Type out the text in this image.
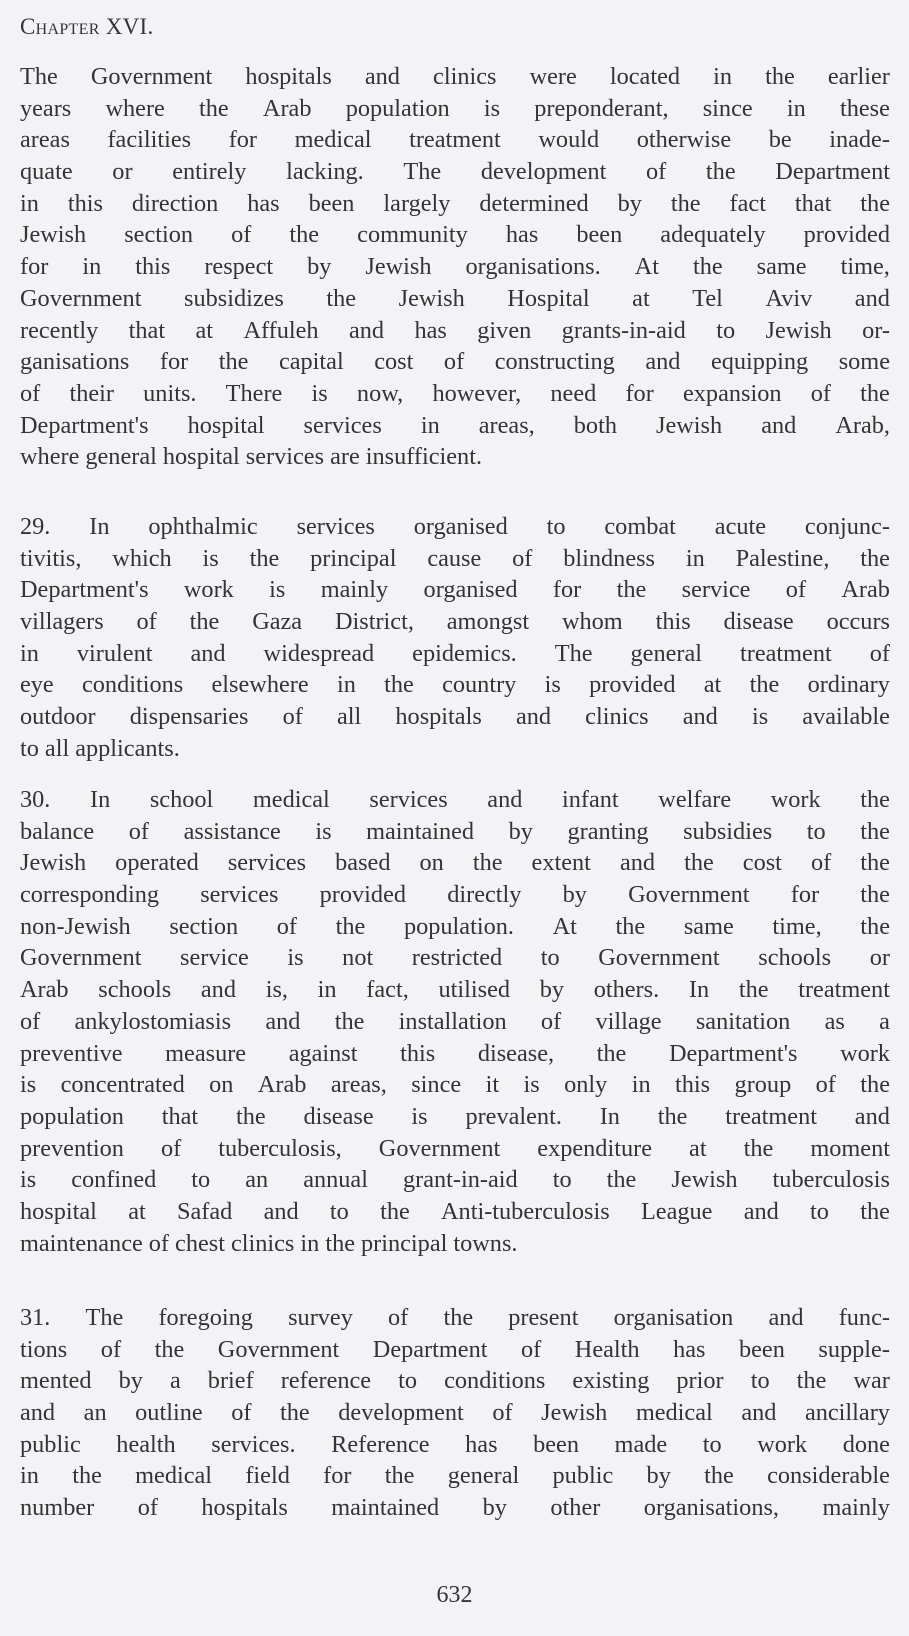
Chapter XVI.
The Government hospitals and clinics were located in the earlier
years where the Arab population is preponderant, since in these
areas facilities for medical treatment would otherwise be inade-
quate or entirely lacking. The development of the Department
in this direction has been largely determined by the fact that the
Jewish section of the community has been adequately provided
for in this respect by Jewish organisations. At the same time,
Government subsidizes the Jewish Hospital at Tel Aviv and
recently that at Affuleh and has given grants-in-aid to Jewish or-
ganisations for the capital cost of constructing and equipping some
of their units. There is now, however, need for expansion of the
Department's hospital services in areas, both Jewish and Arab,
where general hospital services are insufficient.
29. In ophthalmic services organised to combat acute conjunc-
tivitis, which is the principal cause of blindness in Palestine, the
Department's work is mainly organised for the service of Arab
villagers of the Gaza District, amongst whom this disease occurs
in virulent and widespread epidemics. The general treatment of
eye conditions elsewhere in the country is provided at the ordinary
outdoor dispensaries of all hospitals and clinics and is available
to all applicants.
30. In school medical services and infant welfare work the
balance of assistance is maintained by granting subsidies to the
Jewish operated services based on the extent and the cost of the
corresponding services provided directly by Government for the
non-Jewish section of the population. At the same time, the
Government service is not restricted to Government schools or
Arab schools and is, in fact, utilised by others. In the treatment
of ankylostomiasis and the installation of village sanitation as a
preventive measure against this disease, the Department's work
is concentrated on Arab areas, since it is only in this group of the
population that the disease is prevalent. In the treatment and
prevention of tuberculosis, Government expenditure at the moment
is confined to an annual grant-in-aid to the Jewish tuberculosis
hospital at Safad and to the Anti-tuberculosis League and to the
maintenance of chest clinics in the principal towns.
31. The foregoing survey of the present organisation and func-
tions of the Government Department of Health has been supple-
mented by a brief reference to conditions existing prior to the war
and an outline of the development of Jewish medical and ancillary
public health services. Reference has been made to work done
in the medical field for the general public by the considerable
number of hospitals maintained by other organisations, mainly
632
